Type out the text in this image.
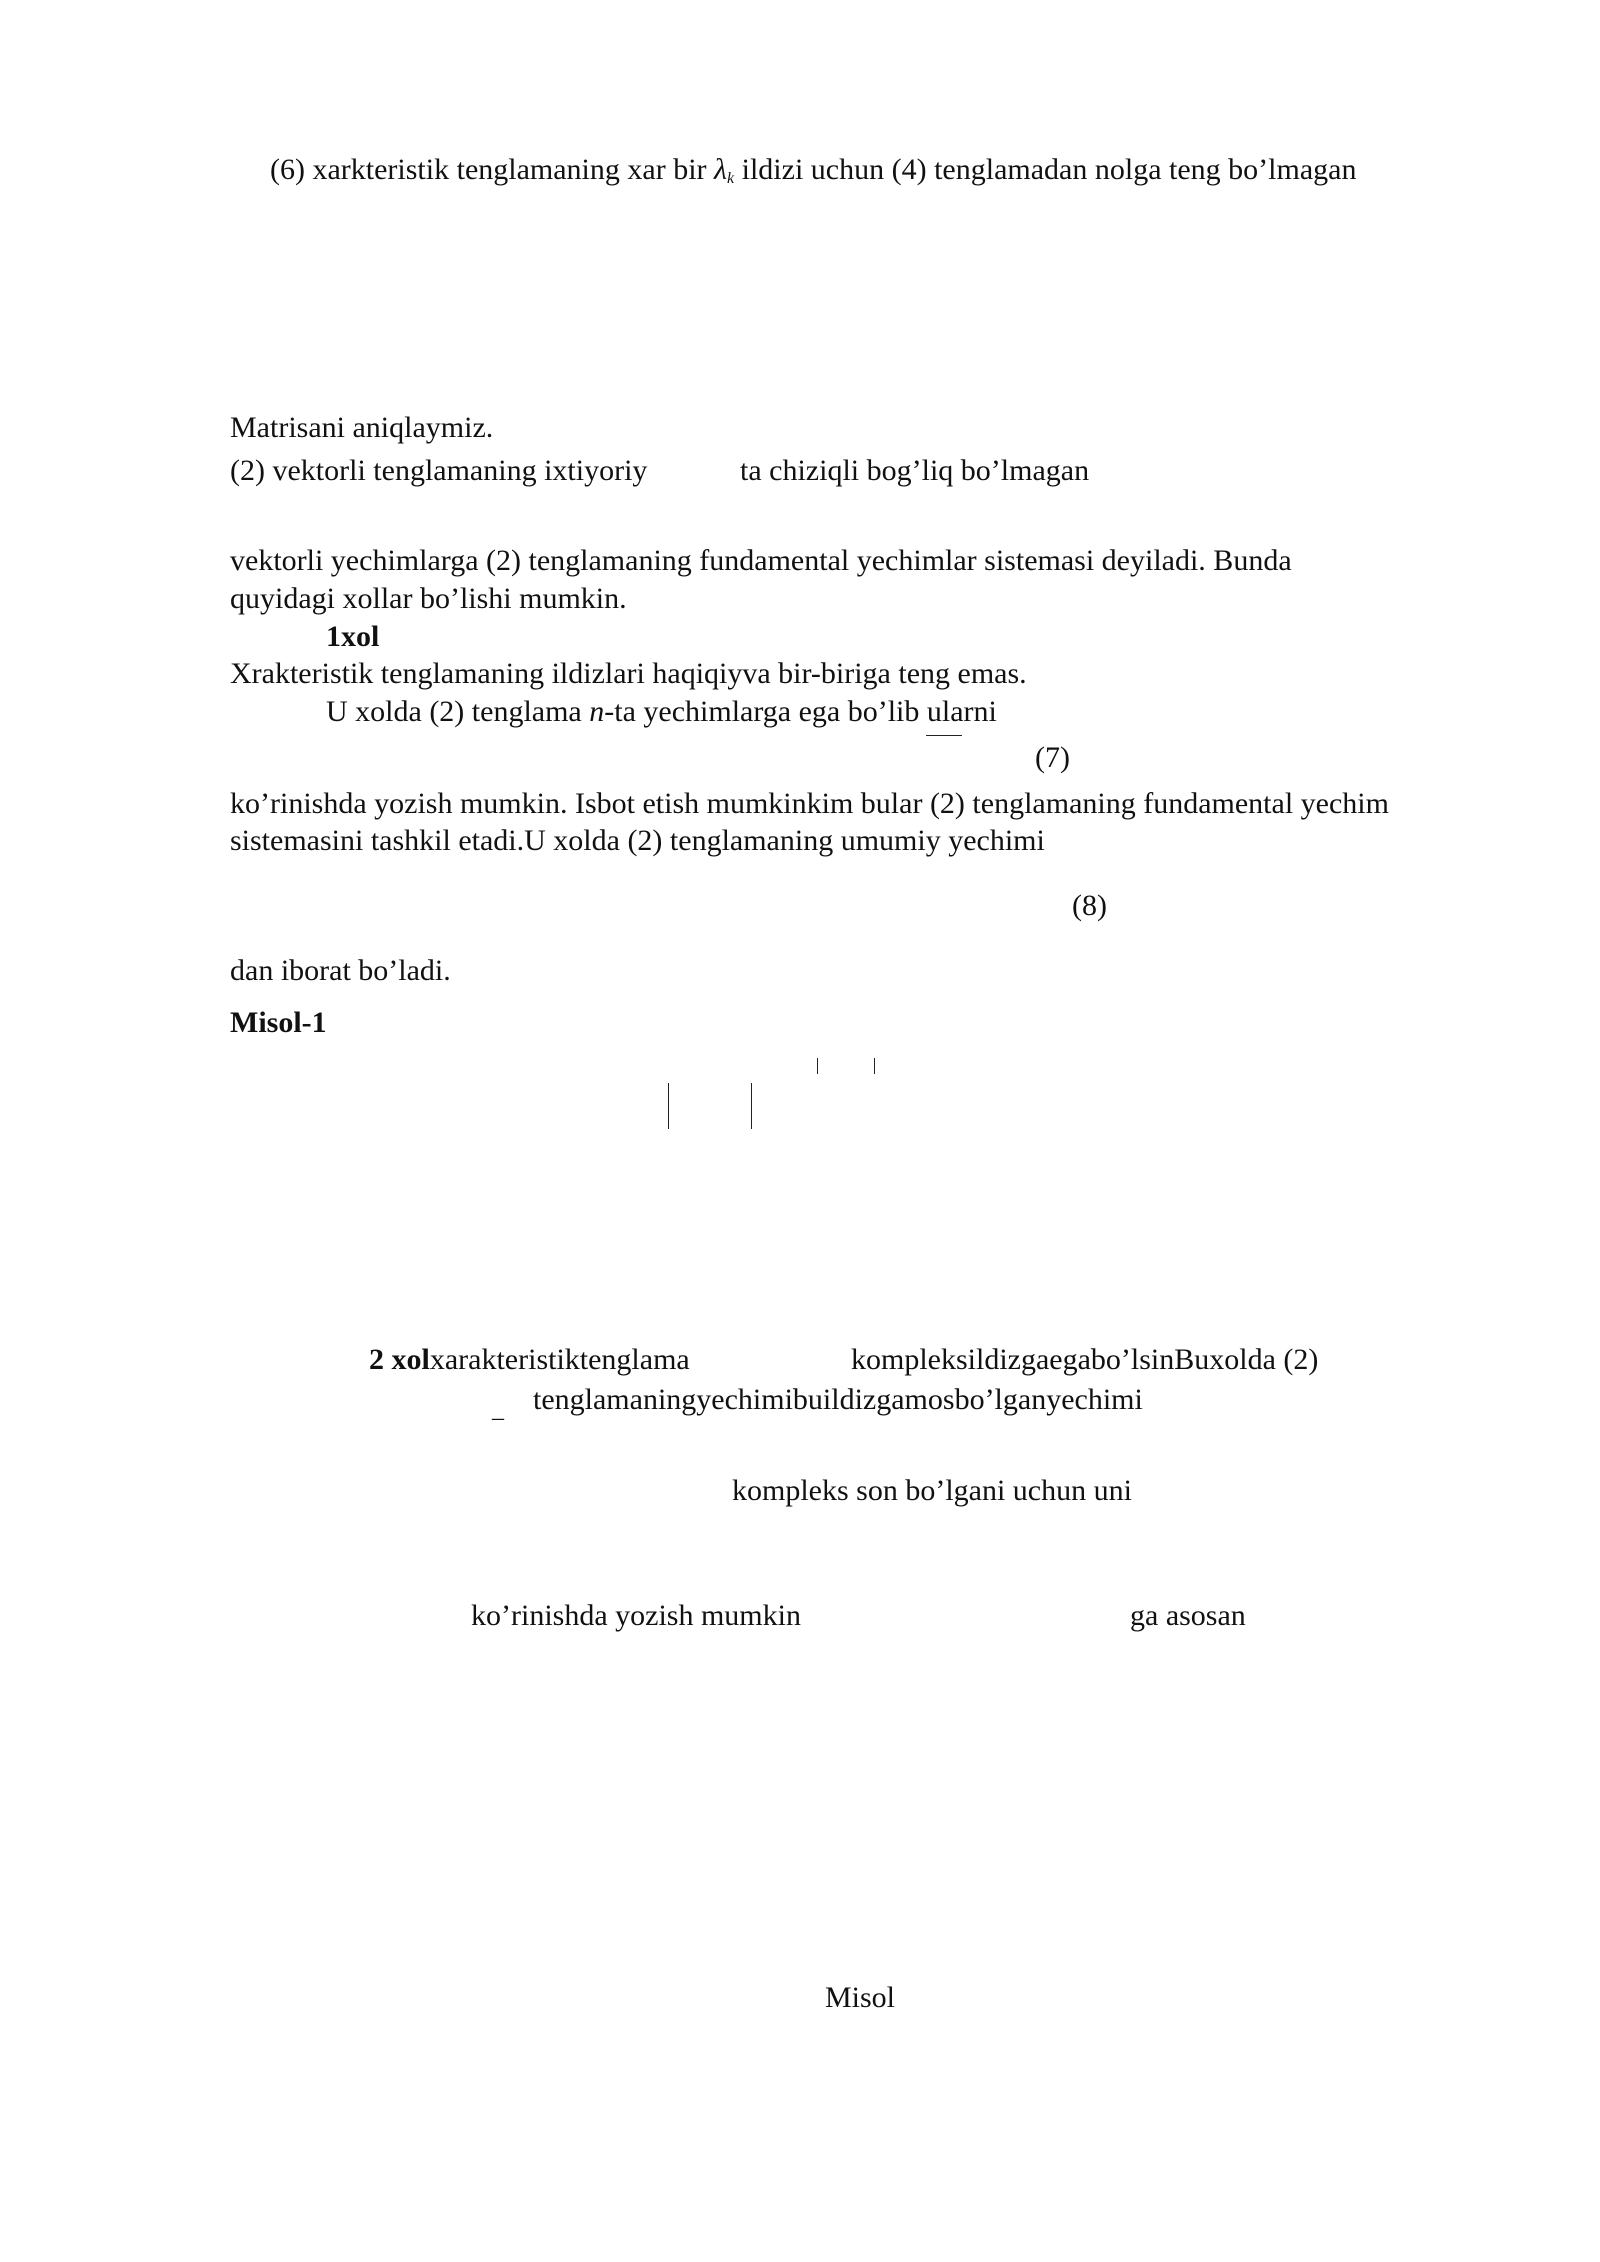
(6) xarkteristik tenglamaning xar bir $\lambda_k$ ildizi uchun (4) tenglamadan nolga teng bo’lmagan
Matrisani aniqlaymiz.
(2) vektorli tenglamaning ixtiyoriy	ta chiziqli bog’liq bo’lmagan
vektorli yechimlarga (2) tenglamaning fundamental yechimlar sistemasi deyiladi. Bunda
quyidagi xollar bo’lishi mumkin.
1xol
Xrakteristik tenglamaning ildizlari haqiqiyva bir-biriga teng emas.
U xolda (2) tenglama n-ta yechimlarga ega bo’lib ularni
(7)
ko’rinishda yozish mumkin. Isbot etish mumkinkim bular (2) tenglamaning fundamental yechim
sistemasini tashkil etadi.U xolda (2) tenglamaning umumiy yechimi
(8)
dan iborat bo’ladi.
Misol-1
2 xolxarakteristiktenglama	kompleksildizgaegabo’lsinBuxolda (2)
_ tenglamaningyechimibuildizgamosbo’lganyechimi
kompleks son bo’lgani uchun uni
ko’rinishda yozish mumkin	ga asosan
Misol
